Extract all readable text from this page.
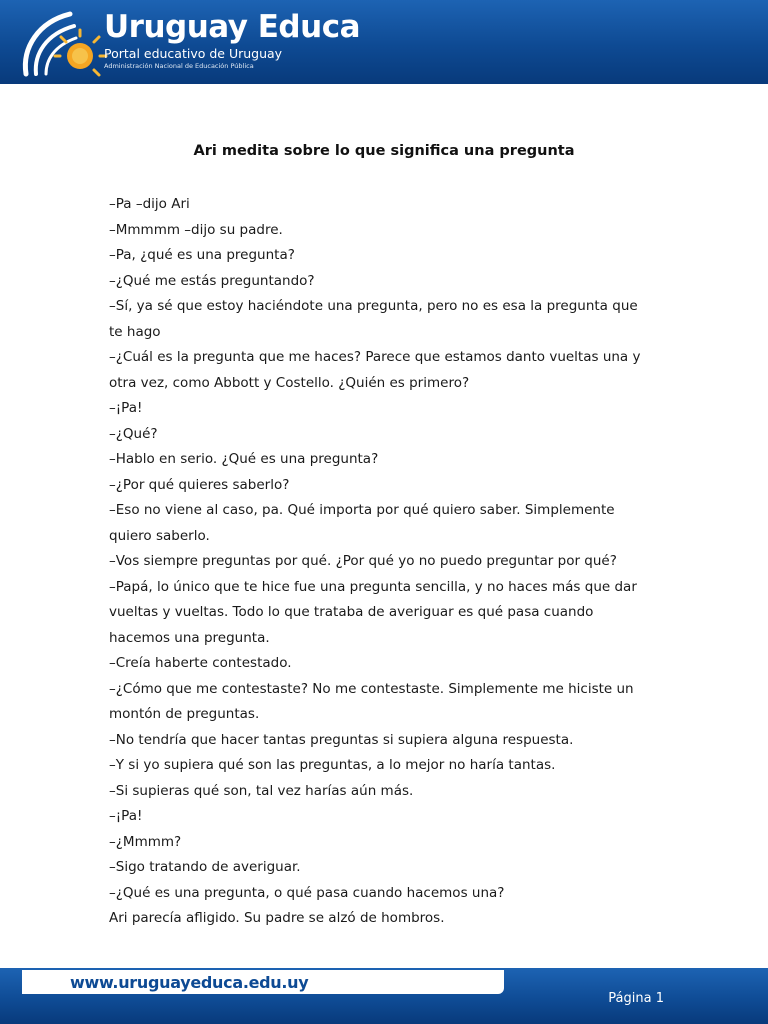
Uruguay Educa
Portal educativo de Uruguay
Administración Nacional de Educación Pública
Ari medita sobre lo que significa una pregunta
–Pa –dijo Ari
–Mmmmm –dijo su padre.
–Pa, ¿qué es una pregunta?
–¿Qué me estás preguntando?
–Sí, ya sé que estoy haciéndote una pregunta, pero no es esa la pregunta que
te hago
–¿Cuál es la pregunta que me haces? Parece que estamos danto vueltas una y
otra vez, como Abbott y Costello. ¿Quién es primero?
–¡Pa!
–¿Qué?
–Hablo en serio. ¿Qué es una pregunta?
–¿Por qué quieres saberlo?
–Eso no viene al caso, pa. Qué importa por qué quiero saber. Simplemente
quiero saberlo.
–Vos siempre preguntas por qué. ¿Por qué yo no puedo preguntar por qué?
–Papá, lo único que te hice fue una pregunta sencilla, y no haces más que dar
vueltas y vueltas. Todo lo que trataba de averiguar es qué pasa cuando
hacemos una pregunta.
–Creía haberte contestado.
–¿Cómo que me contestaste? No me contestaste. Simplemente me hiciste un
montón de preguntas.
–No tendría que hacer tantas preguntas si supiera alguna respuesta.
–Y si yo supiera qué son las preguntas, a lo mejor no haría tantas.
–Si supieras qué son, tal vez harías aún más.
–¡Pa!
–¿Mmmm?
–Sigo tratando de averiguar.
–¿Qué es una pregunta, o qué pasa cuando hacemos una?
Ari parecía afligido. Su padre se alzó de hombros.
www.uruguayeduca.edu.uy
Página 1
